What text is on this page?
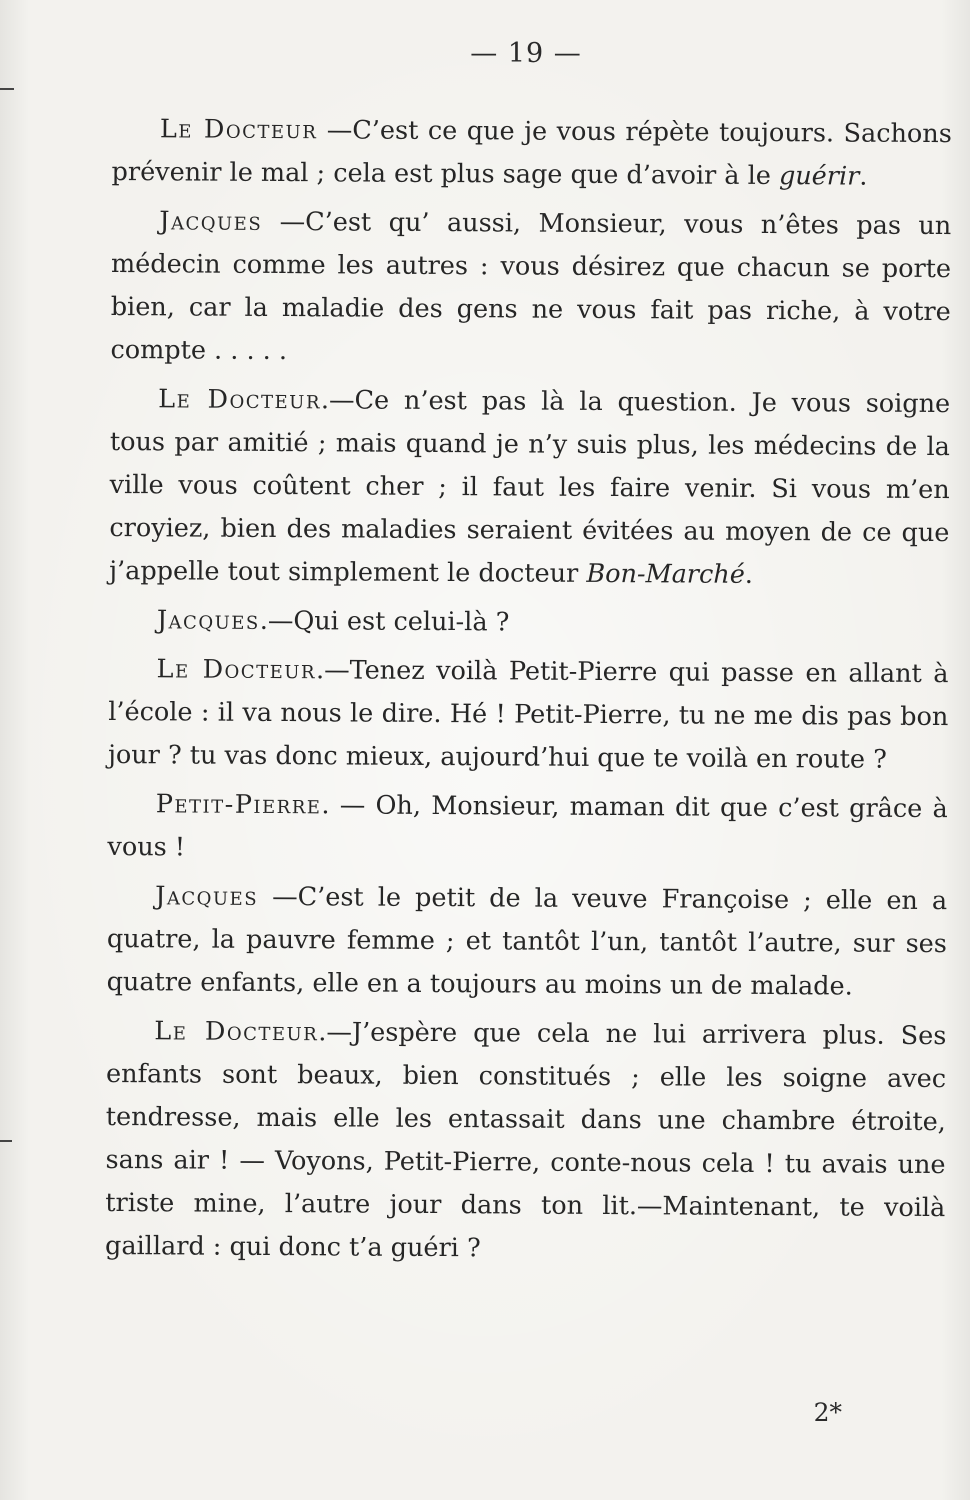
— 19 —

Le Docteur —C’est ce que je vous répète toujours. Sachons prévenir le mal ; cela est plus sage que d’avoir à le guérir.

Jacques —C’est qu’ aussi, Monsieur, vous n’êtes pas un médecin comme les autres : vous désirez que chacun se porte bien, car la maladie des gens ne vous fait pas riche, à votre compte . . . . .

Le Docteur.—Ce n’est pas là la question. Je vous soigne tous par amitié ; mais quand je n’y suis plus, les médecins de la ville vous coûtent cher ; il faut les faire venir. Si vous m’en croyiez, bien des maladies seraient évitées au moyen de ce que j’appelle tout simplement le docteur Bon-Marché.

Jacques.—Qui est celui-là ?

Le Docteur.—Tenez voilà Petit-Pierre qui passe en allant à l’école : il va nous le dire. Hé ! Petit-Pierre, tu ne me dis pas bon jour ? tu vas donc mieux, aujourd’hui que te voilà en route ?

Petit-Pierre. — Oh, Monsieur, maman dit que c’est grâce à vous !

Jacques —C’est le petit de la veuve Françoise ; elle en a quatre, la pauvre femme ; et tantôt l’un, tantôt l’autre, sur ses quatre enfants, elle en a toujours au moins un de malade.

Le Docteur.—J’espère que cela ne lui arrivera plus. Ses enfants sont beaux, bien constitués ; elle les soigne avec tendresse, mais elle les entassait dans une chambre étroite, sans air ! — Voyons, Petit-Pierre, conte-nous cela ! tu avais une triste mine, l’autre jour dans ton lit.—Maintenant, te voilà gaillard : qui donc t’a guéri ?

2*
